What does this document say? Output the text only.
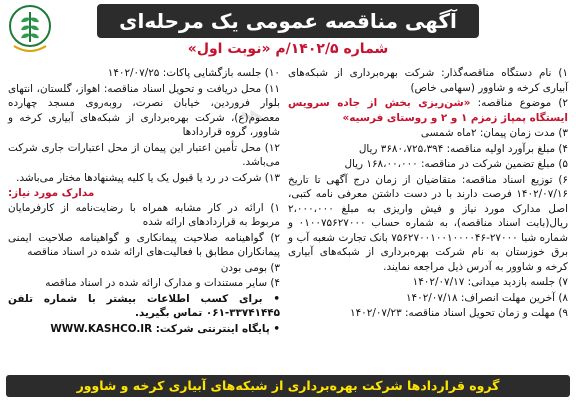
⌁
آگهی مناقصه عمومی یک مرحله‌ای
شماره ۱۴۰۲/۵/م «نوبت اول»
۱) نام دستگاه مناقصه‌گذار: شرکت بهره‌برداری از شبکه‌های آبیاری کرخه و شاوور (سهامی خاص)
۲) موضوع مناقصه: «شن‌ریزی بخش از جاده سرویس ایستگاه پمپاژ زمزم ۱ و ۲ و روستای فرسیه»
۳) مدت زمان پیمان: ۲ماه شمسی
۴) مبلغ برآورد اولیه مناقصه: ۳۶۸۰،۷۲۵،۳۹۴ ریال
۵) مبلغ تضمین شرکت در مناقصه: ۱۶۸،۰۰،۰۰۰ ریال
۶) توزیع اسناد مناقصه: متقاضیان از زمان درج آگهی تا تاریخ ۱۴۰۲/۰۷/۱۶ فرصت دارند با در دست داشتن معرفی نامه کتبی، اصل مدارک مورد نیاز و فیش واریزی به مبلغ ۲،۰۰۰،۰۰۰ ریال(بابت اسناد مناقصه)، به شماره حساب ۰۱۰۰۷۵۶۲۷۰۰۰ و شماره شبا ۲۷۰۰۰-۷۵۶۲۷۰۰۱۰۰۱۰۰۰۰۴۶ بانک تجارت شعبه آب و برق خوزستان به نام شرکت بهره‌برداری از شبکه‌های آبیاری کرخه و شاوور به آدرس ذیل مراجعه نمایند.
۷) جلسه بازدید میدانی: ۱۴۰۲/۰۷/۱۷
۸) آخرین مهلت انصراف: ۱۴۰۲/۰۷/۱۸
۹) مهلت و زمان تحویل اسناد مناقصه: ۱۴۰۲/۰۷/۲۳
۱۰) جلسه بازگشایی پاکات: ۱۴۰۲/۰۷/۲۵
۱۱) محل دریافت و تحویل اسناد مناقصه: اهواز، گلستان، انتهای بلوار فروردین، خیابان نصرت، روبه‌روی مسجد چهارده معصوم(ع)، شرکت بهره‌برداری از شبکه‌های آبیاری کرخه و شاوور، گروه قراردادها
۱۲) محل تأمین اعتبار این پیمان از محل اعتبارات جاری شرکت می‌باشد.
۱۳) شرکت در رد یا قبول یک یا کلیه پیشنهادها مختار می‌باشد.
مدارک مورد نیاز:
۱) ارائه در کار مشابه همراه با رضایت‌نامه از کارفرمایان مربوط به قراردادهای ارائه شده
۲) گواهینامه صلاحیت پیمانکاری و گواهینامه صلاحیت ایمنی پیمانکاران مطابق با فعالیت‌های ارائه شده در اسناد مناقصه
۳) بومی بودن
۴) سایر مستندات و مدارک ارائه شده در اسناد مناقصه
• برای کسب اطلاعات بیشتر با شماره تلفن ۳۳۷۴۱۴۴۵-۰۶۱ تماس بگیرید.
• پایگاه اینترنتی شرکت: WWW.KASHCO.IR
گروه قراردادها شرکت بهره‌برداری از شبکه‌های آبیاری کرخه و شاوور
